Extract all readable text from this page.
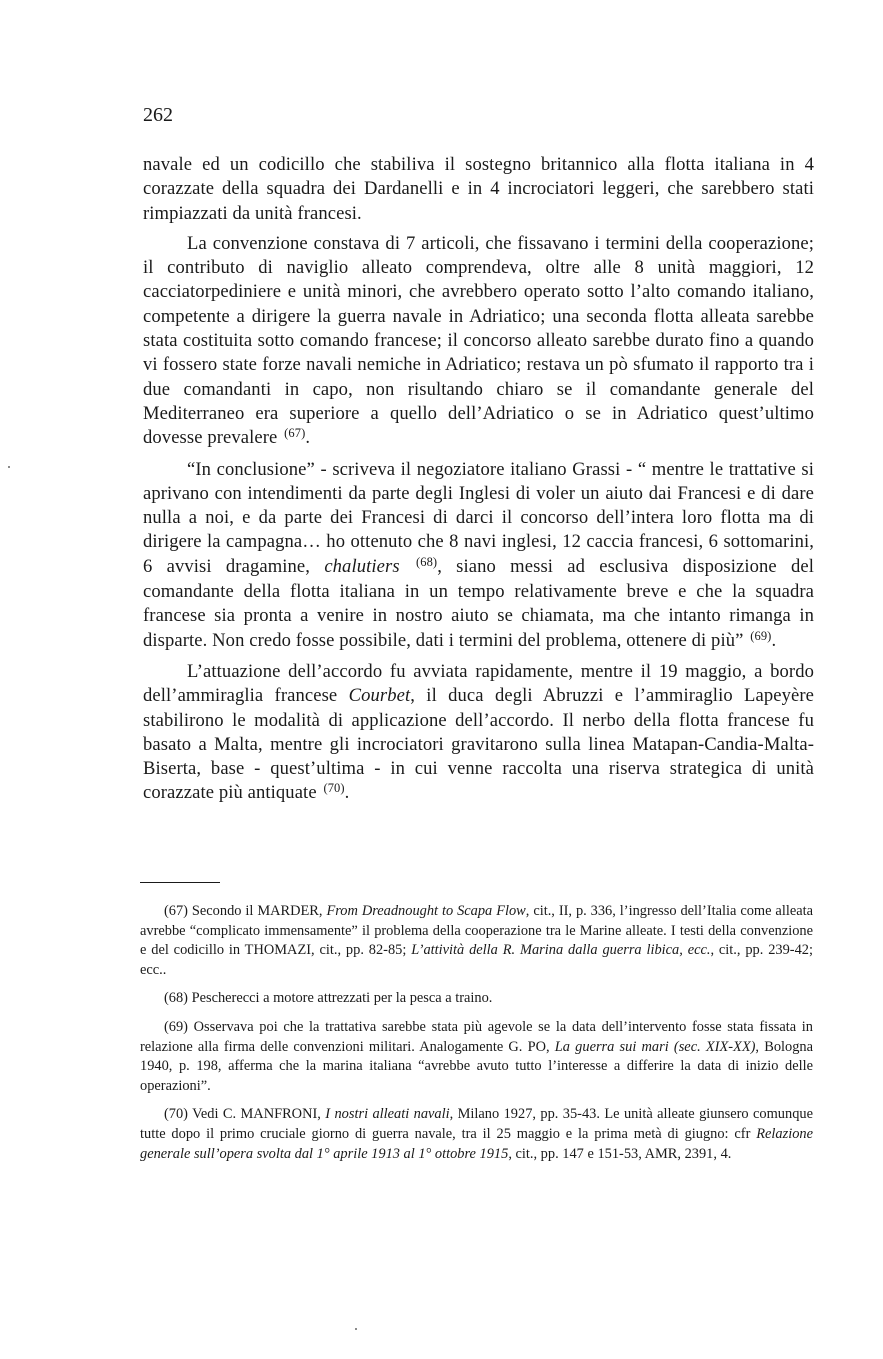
262

navale ed un codicillo che stabiliva il sostegno britannico alla flotta italiana in 4 corazzate della squadra dei Dardanelli e in 4 incrociatori leggeri, che sarebbero stati rimpiazzati da unità francesi.

La convenzione constava di 7 articoli, che fissavano i termini della cooperazione; il contributo di naviglio alleato comprendeva, oltre alle 8 unità maggiori, 12 cacciatorpediniere e unità minori, che avrebbero operato sotto l’alto comando italiano, competente a dirigere la guerra navale in Adriatico; una seconda flotta alleata sarebbe stata costituita sotto comando francese; il concorso alleato sarebbe durato fino a quando vi fossero state forze navali nemiche in Adriatico; restava un pò sfumato il rapporto tra i due comandanti in capo, non risultando chiaro se il comandante generale del Mediterraneo era superiore a quello dell’Adriatico o se in Adriatico quest’ultimo dovesse prevalere $^{(67)}$.

“In conclusione” - scriveva il negoziatore italiano Grassi - “ mentre le trattative si aprivano con intendimenti da parte degli Inglesi di voler un aiuto dai Francesi e di dare nulla a noi, e da parte dei Francesi di darci il concorso dell’intera loro flotta ma di dirigere la campagna… ho ottenuto che 8 navi inglesi, 12 caccia francesi, 6 sottomarini, 6 avvisi dragamine, chalutiers $^{(68)}$, siano messi ad esclusiva disposizione del comandante della flotta italiana in un tempo relativamente breve e che la squadra francese sia pronta a venire in nostro aiuto se chiamata, ma che intanto rimanga in disparte. Non credo fosse possibile, dati i termini del problema, ottenere di più” $^{(69)}$.

L’attuazione dell’accordo fu avviata rapidamente, mentre il 19 maggio, a bordo dell’ammiraglia francese Courbet, il duca degli Abruzzi e l’ammiraglio Lapeyère stabilirono le modalità di applicazione dell’accordo. Il nerbo della flotta francese fu basato a Malta, mentre gli incrociatori gravitarono sulla linea Matapan-Candia-Malta-Biserta, base - quest’ultima - in cui venne raccolta una riserva strategica di unità corazzate più antiquate $^{(70)}$.

(67) Secondo il MARDER, From Dreadnought to Scapa Flow, cit., II, p. 336, l’ingresso dell’Italia come alleata avrebbe “complicato immensamente” il problema della cooperazione tra le Marine alleate. I testi della convenzione e del codicillo in THOMAZI, cit., pp. 82-85; L’attività della R. Marina dalla guerra libica, ecc., cit., pp. 239-42; ecc..

(68) Pescherecci a motore attrezzati per la pesca a traino.

(69) Osservava poi che la trattativa sarebbe stata più agevole se la data dell’intervento fosse stata fissata in relazione alla firma delle convenzioni militari. Analogamente G. PO, La guerra sui mari (sec. XIX-XX), Bologna 1940, p. 198, afferma che la marina italiana “avrebbe avuto tutto l’interesse a differire la data di inizio delle operazioni”.

(70) Vedi C. MANFRONI, I nostri alleati navali, Milano 1927, pp. 35-43. Le unità alleate giunsero comunque tutte dopo il primo cruciale giorno di guerra navale, tra il 25 maggio e la prima metà di giugno: cfr Relazione generale sull’opera svolta dal 1° aprile 1913 al 1° ottobre 1915, cit., pp. 147 e 151-53, AMR, 2391, 4.
